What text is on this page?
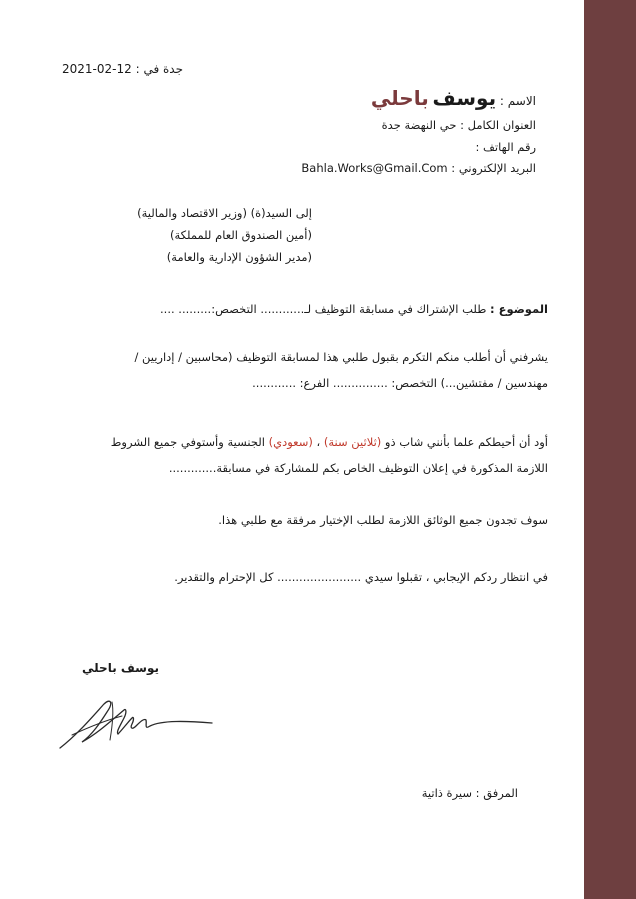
جدة في : 12-02-2021
الاسم : يوسف باحلي
العنوان الكامل : حي النهضة جدة
رقم الهاتف :
البريد الإلكتروني : Bahla.Works@Gmail.Com
إلى السيد(ة) (وزير الاقتصاد والمالية)
(أمين الصندوق العام للمملكة)
(مدير الشؤون الإدارية والعامة)
الموضوع : طلب الإشتراك في مسابقة التوظيف لـ............ التخصص:......... ....
يشرفني أن أطلب منكم التكرم بقبول طلبي هذا لمسابقة التوظيف (محاسبين / إداريين /
مهندسين / مفتشين...) التخصص: ............... الفرع: ............
أود أن أحيطكم علما بأنني شاب ذو (ثلاثين سنة) ، (سعودي) الجنسية وأستوفي جميع الشروط
اللازمة المذكورة في إعلان التوظيف الخاص بكم للمشاركة في مسابقة.............
سوف تجدون جميع الوثائق اللازمة لطلب الإختيار مرفقة مع طلبي هذا.
في انتظار ردكم الإيجابي ، تقبلوا سيدي ....................... كل الإحترام والتقدير.
يوسف باحلي
المرفق : سيرة ذاتية
